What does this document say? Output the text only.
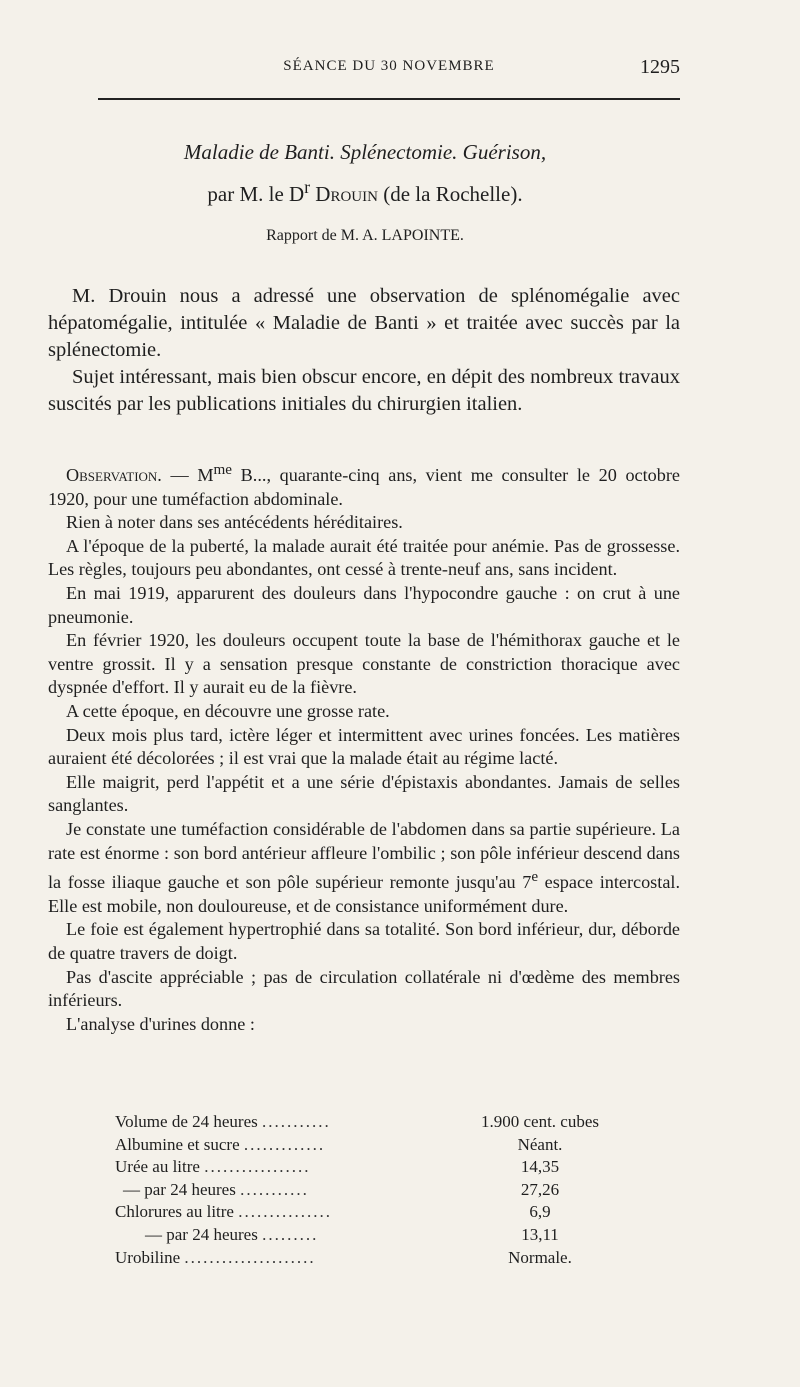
SÉANCE DU 30 NOVEMBRE	1295

Maladie de Banti. Splénectomie. Guérison,

par M. le $D^r$ Drouin (de la Rochelle).

Rapport de M. A. LAPOINTE.

M. Drouin nous a adressé une observation de splénomégalie avec hépatomégalie, intitulée « Maladie de Banti » et traitée avec succès par la splénectomie.

Sujet intéressant, mais bien obscur encore, en dépit des nombreux travaux suscités par les publications initiales du chirurgien italien.

Observation. — $M^{me}$ B..., quarante-cinq ans, vient me consulter le 20 octobre 1920, pour une tuméfaction abdominale.

Rien à noter dans ses antécédents héréditaires.

A l'époque de la puberté, la malade aurait été traitée pour anémie. Pas de grossesse. Les règles, toujours peu abondantes, ont cessé à trente-neuf ans, sans incident.

En mai 1919, apparurent des douleurs dans l'hypocondre gauche : on crut à une pneumonie.

En février 1920, les douleurs occupent toute la base de l'hémithorax gauche et le ventre grossit. Il y a sensation presque constante de constriction thoracique avec dyspnée d'effort. Il y aurait eu de la fièvre.

A cette époque, en découvre une grosse rate.

Deux mois plus tard, ictère léger et intermittent avec urines foncées. Les matières auraient été décolorées ; il est vrai que la malade était au régime lacté.

Elle maigrit, perd l'appétit et a une série d'épistaxis abondantes. Jamais de selles sanglantes.

Je constate une tuméfaction considérable de l'abdomen dans sa partie supérieure. La rate est énorme : son bord antérieur affleure l'ombilic ; son pôle inférieur descend dans la fosse iliaque gauche et son pôle supérieur remonte jusqu'au 7e espace intercostal. Elle est mobile, non douloureuse, et de consistance uniformément dure.

Le foie est également hypertrophié dans sa totalité. Son bord inférieur, dur, déborde de quatre travers de doigt.

Pas d'ascite appréciable ; pas de circulation collatérale ni d'œdème des membres inférieurs.

L'analyse d'urines donne :

Volume de 24 heures ...........	1.900 cent. cubes
Albumine et sucre .............	Néant.
Urée au litre .................	14,35
— par 24 heures ...........	27,26
Chlorures au litre ...............	6,9
— par 24 heures .........	13,11
Urobiline .....................	Normale.
